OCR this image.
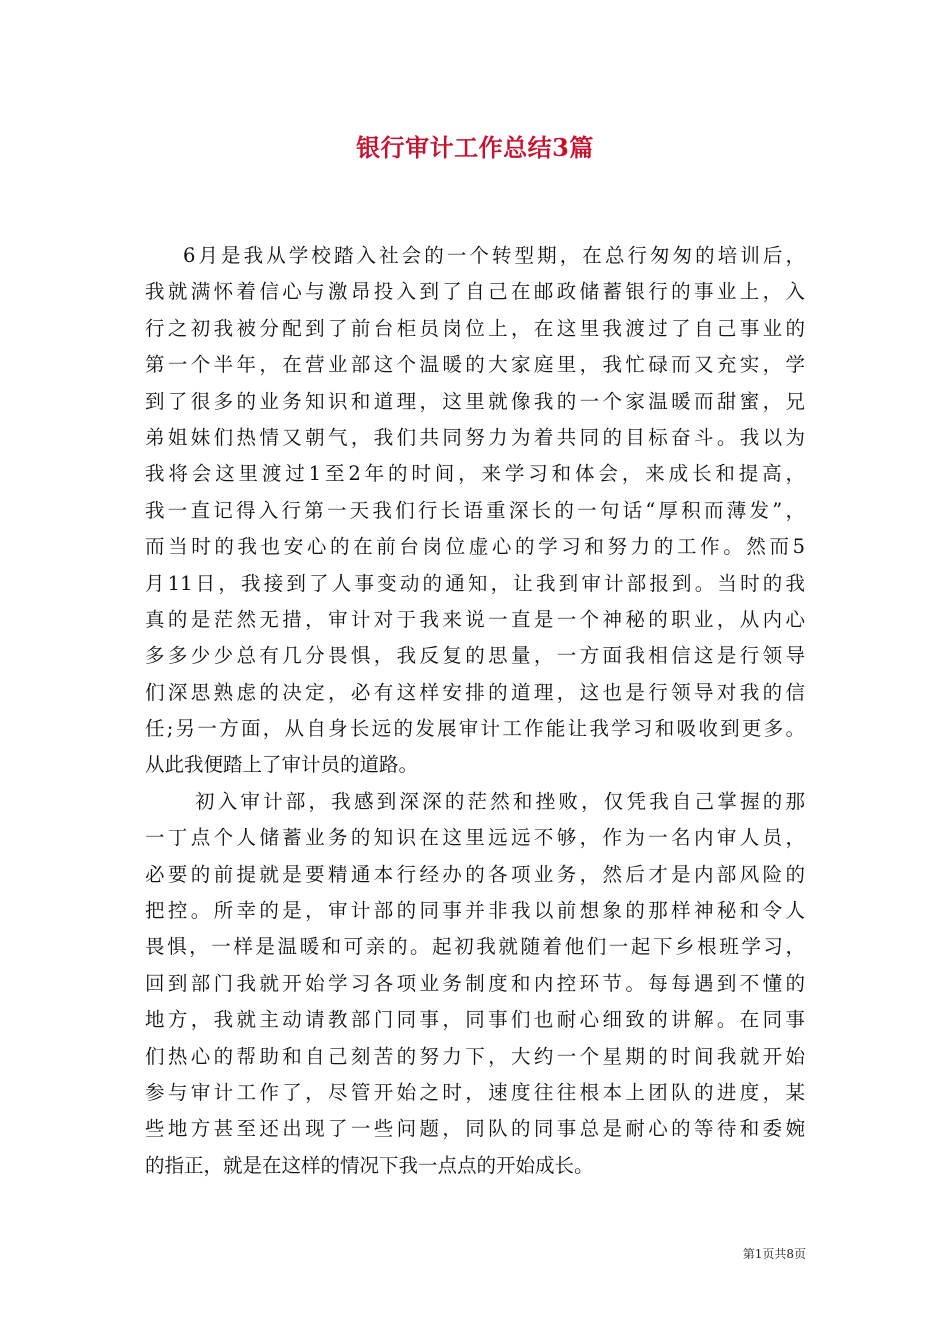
银行审计工作总结3篇
6月是我从学校踏入社会的一个转型期，在总行匆匆的培训后，
我就满怀着信心与激昂投入到了自己在邮政储蓄银行的事业上，入
行之初我被分配到了前台柜员岗位上，在这里我渡过了自己事业的
第一个半年，在营业部这个温暖的大家庭里，我忙碌而又充实，学
到了很多的业务知识和道理，这里就像我的一个家温暖而甜蜜，兄
弟姐妹们热情又朝气，我们共同努力为着共同的目标奋斗。我以为
我将会这里渡过1至2年的时间，来学习和体会，来成长和提高，
我一直记得入行第一天我们行长语重深长的一句话“厚积而薄发”，
而当时的我也安心的在前台岗位虚心的学习和努力的工作。然而5
月11日，我接到了人事变动的通知，让我到审计部报到。当时的我
真的是茫然无措，审计对于我来说一直是一个神秘的职业，从内心
多多少少总有几分畏惧，我反复的思量，一方面我相信这是行领导
们深思熟虑的决定，必有这样安排的道理，这也是行领导对我的信
任;另一方面，从自身长远的发展审计工作能让我学习和吸收到更多。
从此我便踏上了审计员的道路。
初入审计部，我感到深深的茫然和挫败，仅凭我自己掌握的那
一丁点个人储蓄业务的知识在这里远远不够，作为一名内审人员，
必要的前提就是要精通本行经办的各项业务，然后才是内部风险的
把控。所幸的是，审计部的同事并非我以前想象的那样神秘和令人
畏惧，一样是温暖和可亲的。起初我就随着他们一起下乡根班学习，
回到部门我就开始学习各项业务制度和内控环节。每每遇到不懂的
地方，我就主动请教部门同事，同事们也耐心细致的讲解。在同事
们热心的帮助和自己刻苦的努力下，大约一个星期的时间我就开始
参与审计工作了，尽管开始之时，速度往往根本上团队的进度，某
些地方甚至还出现了一些问题，同队的同事总是耐心的等待和委婉
的指正，就是在这样的情况下我一点点的开始成长。
第1页共8页
